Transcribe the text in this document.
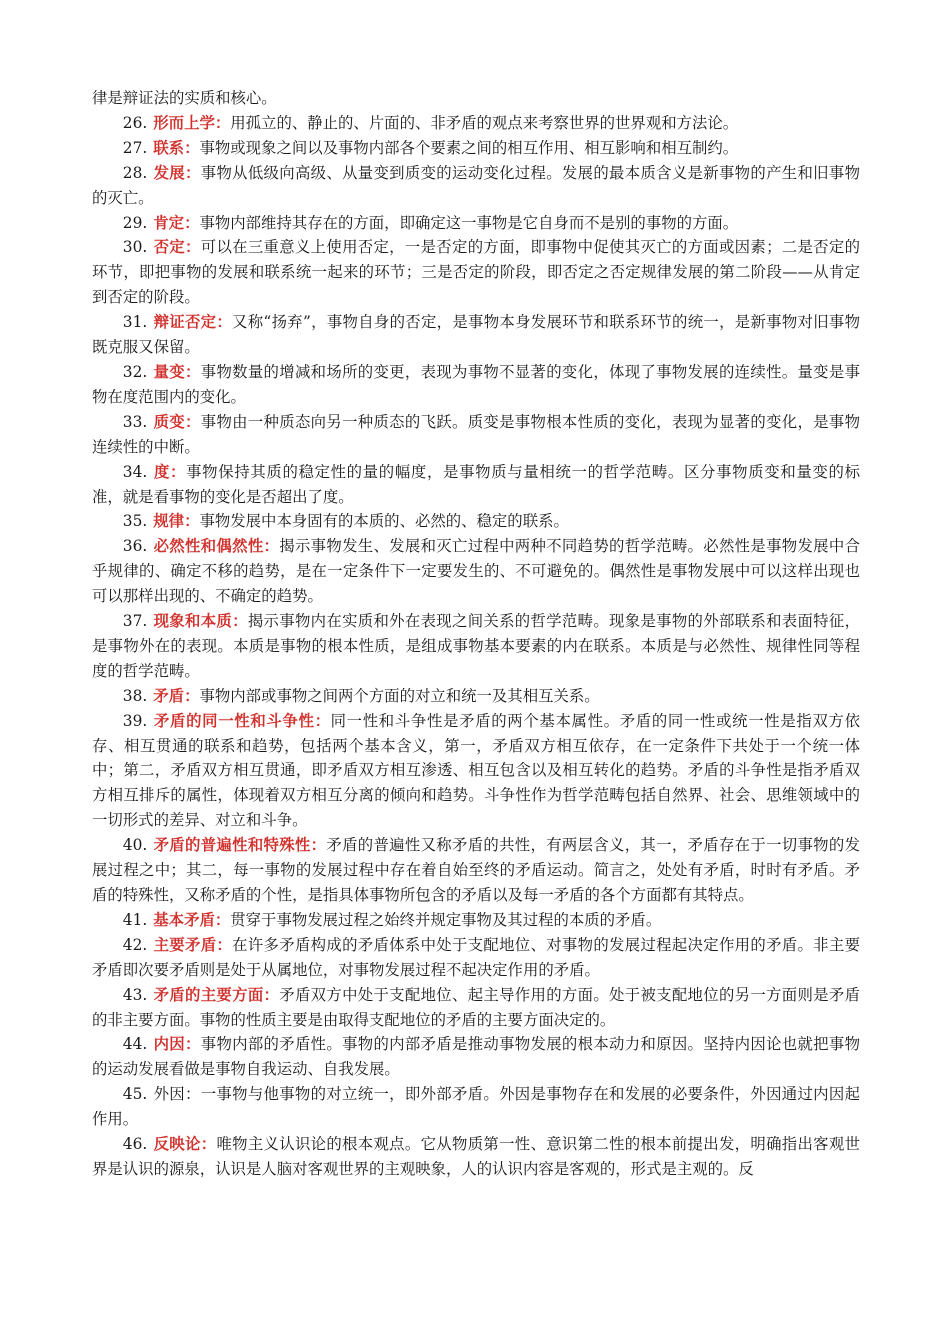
律是辩证法的实质和核心。

26. 形而上学：用孤立的、静止的、片面的、非矛盾的观点来考察世界的世界观和方法论。

27. 联系：事物或现象之间以及事物内部各个要素之间的相互作用、相互影响和相互制约。

28. 发展：事物从低级向高级、从量变到质变的运动变化过程。发展的最本质含义是新事物的产生和旧事物的灭亡。

29. 肯定：事物内部维持其存在的方面，即确定这一事物是它自身而不是别的事物的方面。

30. 否定：可以在三重意义上使用否定，一是否定的方面，即事物中促使其灭亡的方面或因素；二是否定的环节，即把事物的发展和联系统一起来的环节；三是否定的阶段，即否定之否定规律发展的第二阶段——从肯定到否定的阶段。

31. 辩证否定：又称“扬弃”，事物自身的否定，是事物本身发展环节和联系环节的统一，是新事物对旧事物既克服又保留。

32. 量变：事物数量的增减和场所的变更，表现为事物不显著的变化，体现了事物发展的连续性。量变是事物在度范围内的变化。

33. 质变：事物由一种质态向另一种质态的飞跃。质变是事物根本性质的变化，表现为显著的变化，是事物连续性的中断。

34. 度：事物保持其质的稳定性的量的幅度，是事物质与量相统一的哲学范畴。区分事物质变和量变的标准，就是看事物的变化是否超出了度。

35. 规律：事物发展中本身固有的本质的、必然的、稳定的联系。

36. 必然性和偶然性：揭示事物发生、发展和灭亡过程中两种不同趋势的哲学范畴。必然性是事物发展中合乎规律的、确定不移的趋势，是在一定条件下一定要发生的、不可避免的。偶然性是事物发展中可以这样出现也可以那样出现的、不确定的趋势。

37. 现象和本质：揭示事物内在实质和外在表现之间关系的哲学范畴。现象是事物的外部联系和表面特征，是事物外在的表现。本质是事物的根本性质，是组成事物基本要素的内在联系。本质是与必然性、规律性同等程度的哲学范畴。

38. 矛盾：事物内部或事物之间两个方面的对立和统一及其相互关系。

39. 矛盾的同一性和斗争性：同一性和斗争性是矛盾的两个基本属性。矛盾的同一性或统一性是指双方依存、相互贯通的联系和趋势，包括两个基本含义，第一，矛盾双方相互依存，在一定条件下共处于一个统一体中；第二，矛盾双方相互贯通，即矛盾双方相互渗透、相互包含以及相互转化的趋势。矛盾的斗争性是指矛盾双方相互排斥的属性，体现着双方相互分离的倾向和趋势。斗争性作为哲学范畴包括自然界、社会、思维领域中的一切形式的差异、对立和斗争。

40. 矛盾的普遍性和特殊性：矛盾的普遍性又称矛盾的共性，有两层含义，其一，矛盾存在于一切事物的发展过程之中；其二，每一事物的发展过程中存在着自始至终的矛盾运动。简言之，处处有矛盾，时时有矛盾。矛盾的特殊性，又称矛盾的个性，是指具体事物所包含的矛盾以及每一矛盾的各个方面都有其特点。

41. 基本矛盾：贯穿于事物发展过程之始终并规定事物及其过程的本质的矛盾。

42. 主要矛盾：在许多矛盾构成的矛盾体系中处于支配地位、对事物的发展过程起决定作用的矛盾。非主要矛盾即次要矛盾则是处于从属地位，对事物发展过程不起决定作用的矛盾。

43. 矛盾的主要方面：矛盾双方中处于支配地位、起主导作用的方面。处于被支配地位的另一方面则是矛盾的非主要方面。事物的性质主要是由取得支配地位的矛盾的主要方面决定的。

44. 内因：事物内部的矛盾性。事物的内部矛盾是推动事物发展的根本动力和原因。坚持内因论也就把事物的运动发展看做是事物自我运动、自我发展。

45. 外因：一事物与他事物的对立统一，即外部矛盾。外因是事物存在和发展的必要条件，外因通过内因起作用。

46. 反映论：唯物主义认识论的根本观点。它从物质第一性、意识第二性的根本前提出发，明确指出客观世界是认识的源泉，认识是人脑对客观世界的主观映象，人的认识内容是客观的，形式是主观的。反
